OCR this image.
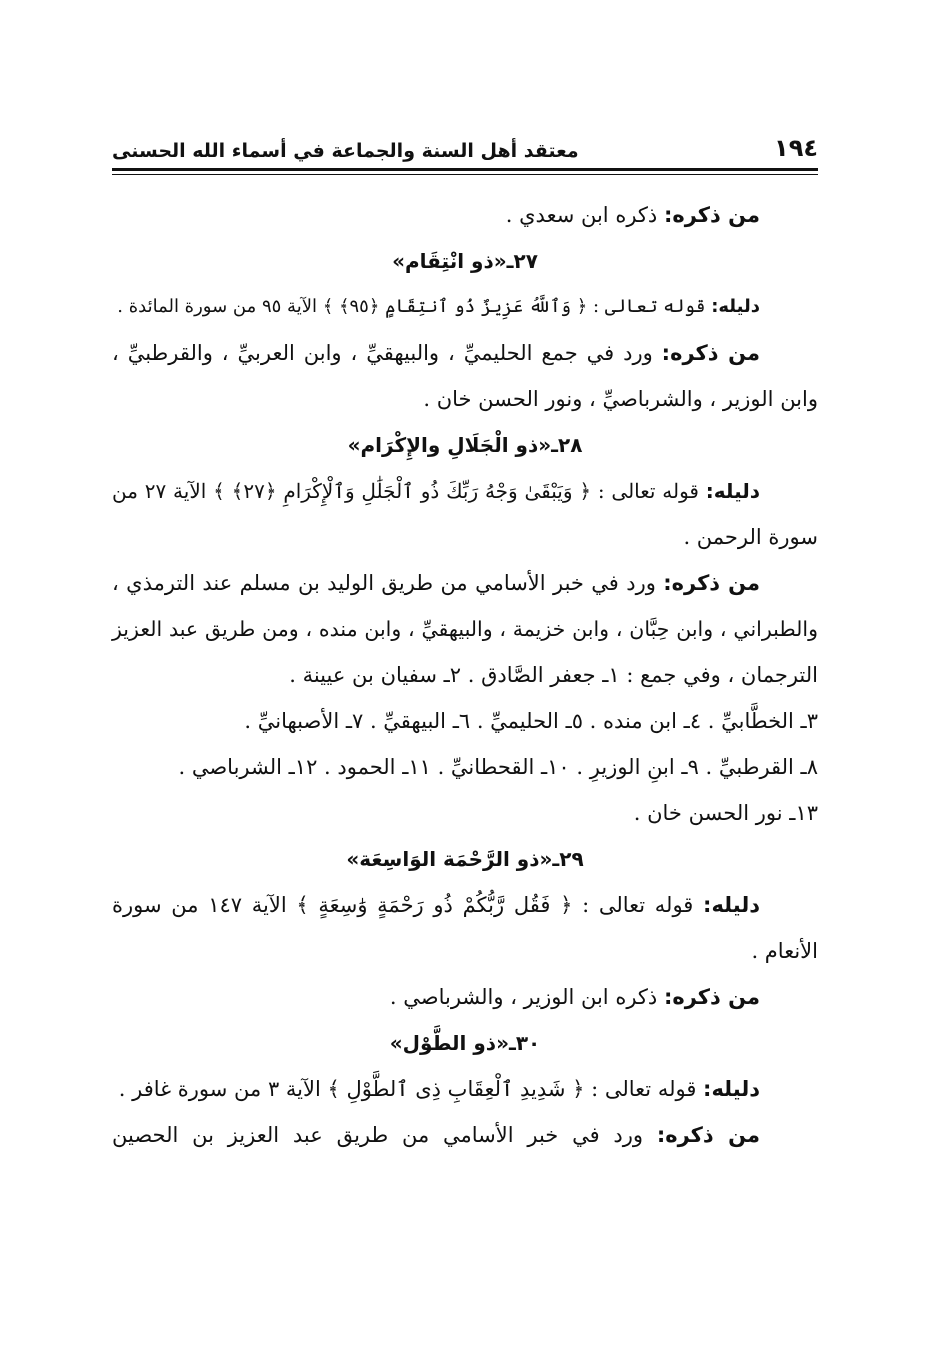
١٩٤
معتقد أهل السنة والجماعة في أسماء الله الحسنى
من ذكره: ذكره ابن سعدي .
٢٧ـ«ذو انْتِقَام»
دليله: قوله تعالى : ﴿ وَٱللَّهُ عَزِيزٌ ذُو ٱنتِقَامٍ ﴿٩٥﴾ ﴾ الآية ٩٥ من سورة المائدة .
من ذكره: ورد في جمع الحليميِّ ، والبيهقيِّ ، وابن العربيِّ ، والقرطبيِّ ،
وابن الوزير ، والشرباصيِّ ، ونور الحسن خان .
٢٨ـ«ذو الْجَلَالِ والإِكْرَام»
دليله: قوله تعالى : ﴿ وَيَبْقَىٰ وَجْهُ رَبِّكَ ذُو ٱلْجَلَٰلِ وَٱلْإِكْرَامِ ﴿٢٧﴾ ﴾ الآية ٢٧ من
سورة الرحمن .
من ذكره: ورد في خبر الأسامي من طريق الوليد بن مسلم عند الترمذي ،
والطبراني ، وابن حِبَّان ، وابن خزيمة ، والبيهقيِّ ، وابن منده ، ومن طريق عبد العزيز
الترجمان ، وفي جمع : ١ـ جعفر الصَّادق . ٢ـ سفيان بن عيينة .
٣ـ الخطَّابيِّ . ٤ـ ابن منده . ٥ـ الحليميِّ . ٦ـ البيهقيِّ . ٧ـ الأصبهانيِّ .
٨ـ القرطبيِّ . ٩ـ ابنِ الوزيرِ . ١٠ـ القحطانيِّ . ١١ـ الحمود . ١٢ـ الشرباصي .
١٣ـ نور الحسن خان .
٢٩ـ«ذو الرَّحْمَة الوَاسِعَة»
دليله: قوله تعالى : ﴿ فَقُل رَّبُّكُمْ ذُو رَحْمَةٍ وَٰسِعَةٍ ﴾ الآية ١٤٧ من سورة
الأنعام .
من ذكره: ذكره ابن الوزير ، والشرباصي .
٣٠ـ«ذو الطَّوْل»
دليله: قوله تعالى : ﴿ شَدِيدِ ٱلْعِقَابِ ذِى ٱلطَّوْلِ ﴾ الآية ٣ من سورة غافر .
من ذكره: ورد في خبر الأسامي من طريق عبد العزيز بن الحصين
